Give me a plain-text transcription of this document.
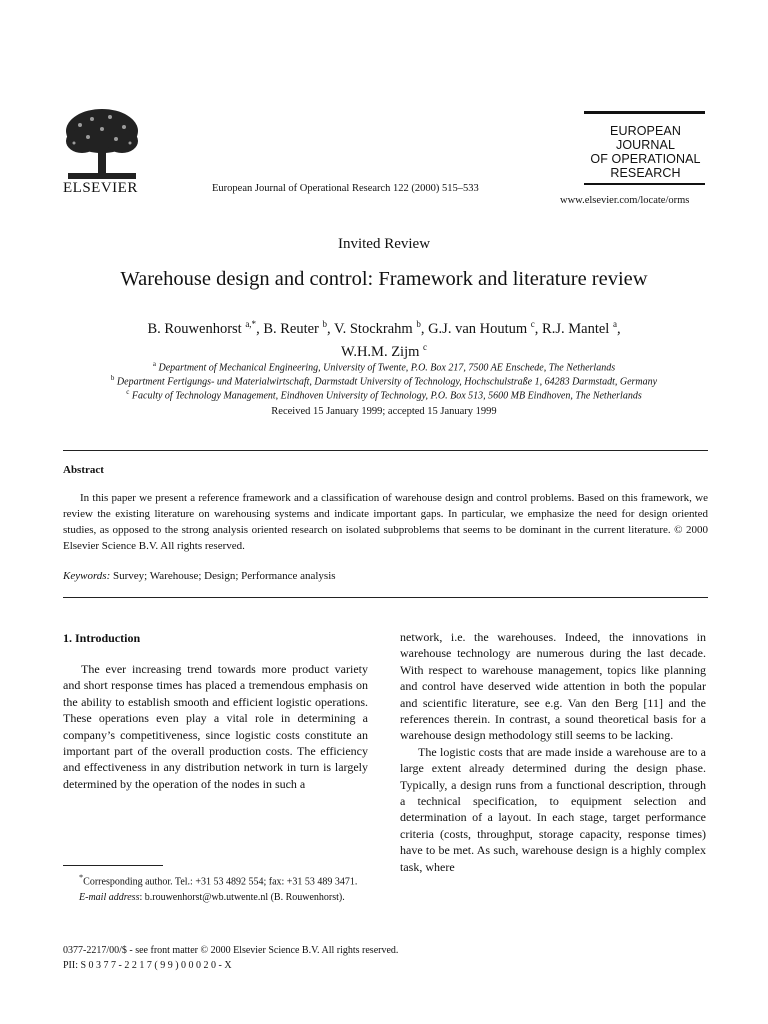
ELSEVIER	European Journal of Operational Research 122 (2000) 515–533
EUROPEAN
JOURNAL
OF OPERATIONAL
RESEARCH
www.elsevier.com/locate/orms
Invited Review
Warehouse design and control: Framework and literature review
B. Rouwenhorst $^{a,*}$, B. Reuter $^b$, V. Stockrahm $^b$, G.J. van Houtum $^c$, R.J. Mantel $^a$,
W.H.M. Zijm $^c$
$^a$ Department of Mechanical Engineering, University of Twente, P.O. Box 217, 7500 AE Enschede, The Netherlands
$^b$ Department Fertigungs- und Materialwirtschaft, Darmstadt University of Technology, Hochschulstraße 1, 64283 Darmstadt, Germany
$^c$ Faculty of Technology Management, Eindhoven University of Technology, P.O. Box 513, 5600 MB Eindhoven, The Netherlands
Received 15 January 1999; accepted 15 January 1999
Abstract
In this paper we present a reference framework and a classification of warehouse design and control problems. Based on this framework, we review the existing literature on warehousing systems and indicate important gaps. In particular, we emphasize the need for design oriented studies, as opposed to the strong analysis oriented research on isolated subproblems that seems to be dominant in the current literature. © 2000 Elsevier Science B.V. All rights reserved.
Keywords: Survey; Warehouse; Design; Performance analysis
1. Introduction

The ever increasing trend towards more product variety and short response times has placed a tremendous emphasis on the ability to establish smooth and efficient logistic operations. These operations even play a vital role in determining a company’s competitiveness, since logistic costs constitute an important part of the overall production costs. The efficiency and effectiveness in any distribution network in turn is largely determined by the operation of the nodes in such a

network, i.e. the warehouses. Indeed, the innovations in warehouse technology are numerous during the last decade. With respect to warehouse management, topics like planning and control have deserved wide attention in both the popular and scientific literature, see e.g. Van den Berg [11] and the references therein. In contrast, a sound theoretical basis for a warehouse design methodology still seems to be lacking.

The logistic costs that are made inside a warehouse are to a large extent already determined during the design phase. Typically, a design runs from a functional description, through a technical specification, to equipment selection and determination of a layout. In each stage, target performance criteria (costs, throughput, storage capacity, response times) have to be met. As such, warehouse design is a highly complex task, where

*Corresponding author. Tel.: +31 53 4892 554; fax: +31 53 489 3471.
E-mail address: b.rouwenhorst@wb.utwente.nl (B. Rouwenhorst).
0377-2217/00/$ - see front matter © 2000 Elsevier Science B.V. All rights reserved.
PII: S 0 3 7 7 - 2 2 1 7 ( 9 9 ) 0 0 0 2 0 - X
